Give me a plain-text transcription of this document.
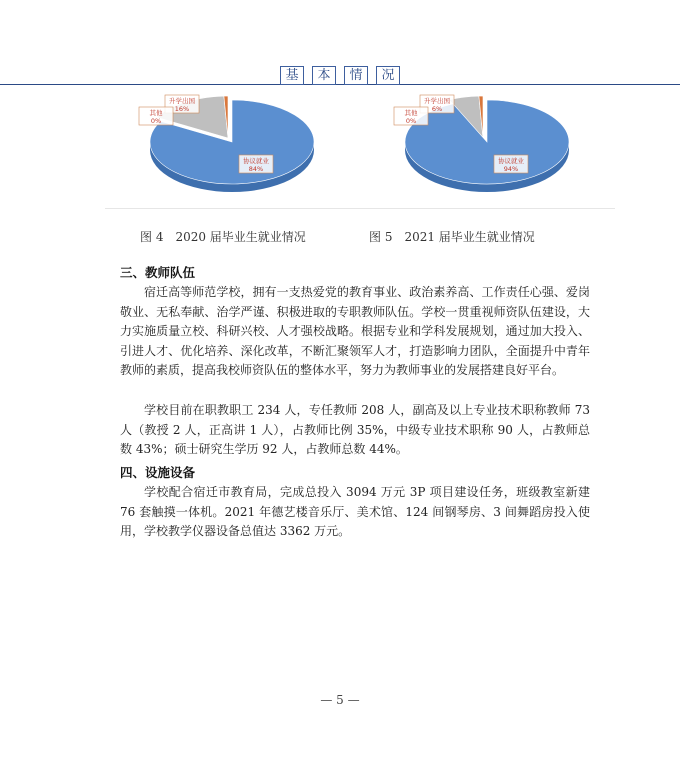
基	本	情	况
协议就业
84%
升学出国
16%
其他
0%
图 4　2020 届毕业生就业情况
协议就业
94%
升学出国
6%
其他
0%
图 5　2021 届毕业生就业情况
三、教师队伍

宿迁高等师范学校，拥有一支热爱党的教育事业、政治素养高、工作责任心强、爱岗敬业、无私奉献、治学严谨、积极进取的专职教师队伍。学校一贯重视师资队伍建设，大力实施质量立校、科研兴校、人才强校战略。根据专业和学科发展规划，通过加大投入、引进人才、优化培养、深化改革，不断汇聚领军人才，打造影响力团队，全面提升中青年教师的素质，提高我校师资队伍的整体水平，努力为教师事业的发展搭建良好平台。

学校目前在职教职工 234 人，专任教师 208 人，副高及以上专业技术职称教师 73 人（教授 2 人，正高讲 1 人），占教师比例 35%，中级专业技术职称 90 人，占教师总数 43%；硕士研究生学历 92 人，占教师总数 44%。

四、设施设备

学校配合宿迁市教育局，完成总投入 3094 万元 3P 项目建设任务，班级教室新建 76 套触摸一体机。2021 年德艺楼音乐厅、美术馆、124 间钢琴房、3 间舞蹈房投入使用，学校教学仪器设备总值达 3362 万元。

— 5 —
